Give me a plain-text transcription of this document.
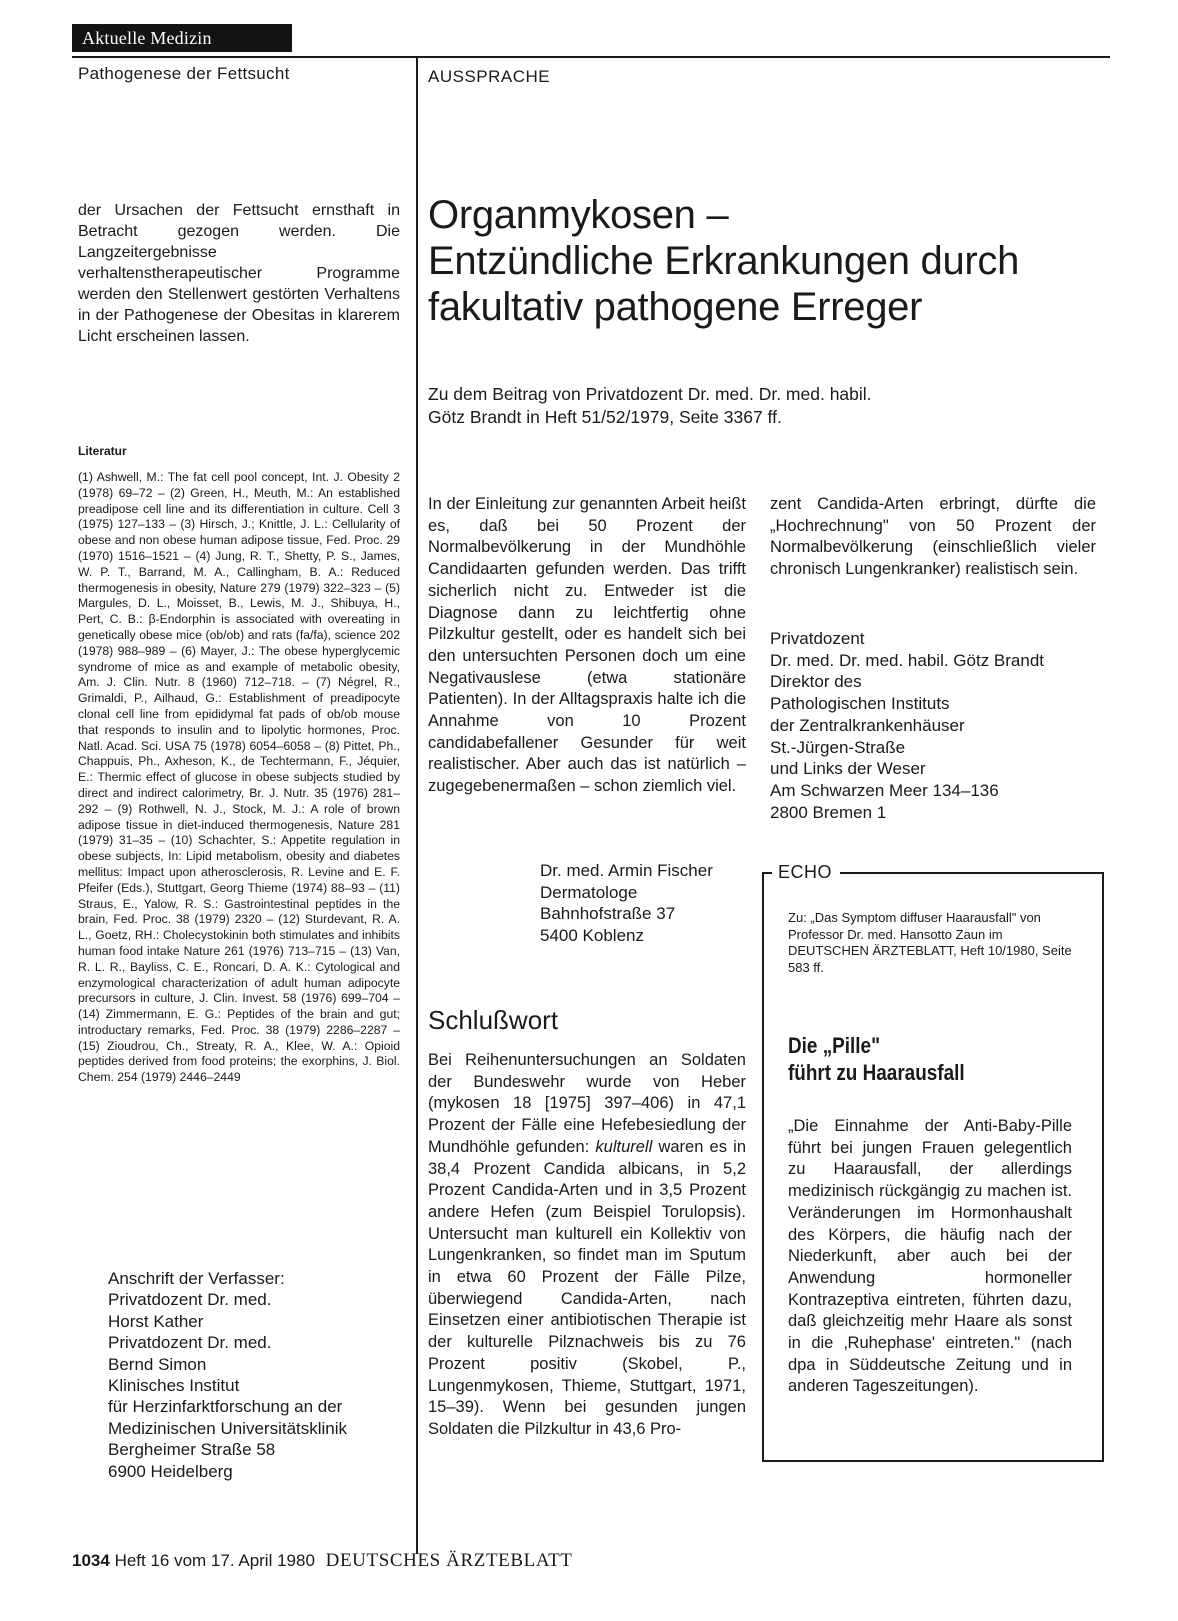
Aktuelle Medizin
Pathogenese der Fettsucht	AUSSPRACHE

der Ursachen der Fettsucht ernsthaft in Betracht gezogen werden. Die Langzeitergebnisse verhaltenstherapeutischer Programme werden den Stellenwert gestörten Verhaltens in der Pathogenese der Obesitas in klarerem Licht erscheinen lassen.

Literatur

(1) Ashwell, M.: The fat cell pool concept, Int. J. Obesity 2 (1978) 69–72 – (2) Green, H., Meuth, M.: An established preadipose cell line and its differentiation in culture. Cell 3 (1975) 127–133 – (3) Hirsch, J.; Knittle, J. L.: Cellularity of obese and non obese human adipose tissue, Fed. Proc. 29 (1970) 1516–1521 – (4) Jung, R. T., Shetty, P. S., James, W. P. T., Barrand, M. A., Callingham, B. A.: Reduced thermogenesis in obesity, Nature 279 (1979) 322–323 – (5) Margules, D. L., Moisset, B., Lewis, M. J., Shibuya, H., Pert, C. B.: β-Endorphin is associated with overeating in genetically obese mice (ob/ob) and rats (fa/fa), science 202 (1978) 988–989 – (6) Mayer, J.: The obese hyperglycemic syndrome of mice as and example of metabolic obesity, Am. J. Clin. Nutr. 8 (1960) 712–718. – (7) Négrel, R., Grimaldi, P., Ailhaud, G.: Establishment of preadipocyte clonal cell line from epididymal fat pads of ob/ob mouse that responds to insulin and to lipolytic hormones, Proc. Natl. Acad. Sci. USA 75 (1978) 6054–6058 – (8) Pittet, Ph., Chappuis, Ph., Axheson, K., de Techtermann, F., Jéquier, E.: Thermic effect of glucose in obese subjects studied by direct and indirect calorimetry, Br. J. Nutr. 35 (1976) 281–292 – (9) Rothwell, N. J., Stock, M. J.: A role of brown adipose tissue in diet-induced thermogenesis, Nature 281 (1979) 31–35 – (10) Schachter, S.: Appetite regulation in obese subjects, In: Lipid metabolism, obesity and diabetes mellitus: Impact upon atherosclerosis, R. Levine and E. F. Pfeifer (Eds.), Stuttgart, Georg Thieme (1974) 88–93 – (11) Straus, E., Yalow, R. S.: Gastrointestinal peptides in the brain, Fed. Proc. 38 (1979) 2320 – (12) Sturdevant, R. A. L., Goetz, RH.: Cholecystokinin both stimulates and inhibits human food intake Nature 261 (1976) 713–715 – (13) Van, R. L. R., Bayliss, C. E., Roncari, D. A. K.: Cytological and enzymological characterization of adult human adipocyte precursors in culture, J. Clin. Invest. 58 (1976) 699–704 – (14) Zimmermann, E. G.: Peptides of the brain and gut; introductary remarks, Fed. Proc. 38 (1979) 2286–2287 – (15) Zioudrou, Ch., Streaty, R. A., Klee, W. A.: Opioid peptides derived from food proteins; the exorphins, J. Biol. Chem. 254 (1979) 2446–2449

Anschrift der Verfasser:
Privatdozent Dr. med.
Horst Kather
Privatdozent Dr. med.
Bernd Simon
Klinisches Institut
für Herzinfarktforschung an der
Medizinischen Universitätsklinik
Bergheimer Straße 58
6900 Heidelberg
Organmykosen –
Entzündliche Erkrankungen durch
fakultativ pathogene Erreger
Zu dem Beitrag von Privatdozent Dr. med. Dr. med. habil.
Götz Brandt in Heft 51/52/1979, Seite 3367 ff.

In der Einleitung zur genannten Arbeit heißt es, daß bei 50 Prozent der Normalbevölkerung in der Mundhöhle Candidaarten gefunden werden. Das trifft sicherlich nicht zu. Entweder ist die Diagnose dann zu leichtfertig ohne Pilzkultur gestellt, oder es handelt sich bei den untersuchten Personen doch um eine Negativauslese (etwa stationäre Patienten). In der Alltagspraxis halte ich die Annahme von 10 Prozent candidabefallener Gesunder für weit realistischer. Aber auch das ist natürlich – zugegebenermaßen – schon ziemlich viel.

Dr. med. Armin Fischer
Dermatologe
Bahnhofstraße 37
5400 Koblenz
Schlußwort

Bei Reihenuntersuchungen an Soldaten der Bundeswehr wurde von Heber (mykosen 18 [1975] 397–406) in 47,1 Prozent der Fälle eine Hefebesiedlung der Mundhöhle gefunden: kulturell waren es in 38,4 Prozent Candida albicans, in 5,2 Prozent Candida-Arten und in 3,5 Prozent andere Hefen (zum Beispiel Torulopsis). Untersucht man kulturell ein Kollektiv von Lungenkranken, so findet man im Sputum in etwa 60 Prozent der Fälle Pilze, überwiegend Candida-Arten, nach Einsetzen einer antibiotischen Therapie ist der kulturelle Pilznachweis bis zu 76 Prozent positiv (Skobel, P., Lungenmykosen, Thieme, Stuttgart, 1971, 15–39). Wenn bei gesunden jungen Soldaten die Pilzkultur in 43,6 Pro-

zent Candida-Arten erbringt, dürfte die „Hochrechnung" von 50 Prozent der Normalbevölkerung (einschließlich vieler chronisch Lungenkranker) realistisch sein.

Privatdozent
Dr. med. Dr. med. habil. Götz Brandt
Direktor des
Pathologischen Instituts
der Zentralkrankenhäuser
St.-Jürgen-Straße
und Links der Weser
Am Schwarzen Meer 134–136
2800 Bremen 1
ECHO

Zu: „Das Symptom diffuser Haarausfall" von Professor Dr. med. Hansotto Zaun im DEUTSCHEN ÄRZTEBLATT, Heft 10/1980, Seite 583 ff.

Die „Pille"
führt zu Haarausfall

„Die Einnahme der Anti-Baby-Pille führt bei jungen Frauen gelegentlich zu Haarausfall, der allerdings medizinisch rückgängig zu machen ist. Veränderungen im Hormonhaushalt des Körpers, die häufig nach der Niederkunft, aber auch bei der Anwendung hormoneller Kontrazeptiva eintreten, führten dazu, daß gleichzeitig mehr Haare als sonst in die ‚Ruhephase' eintreten." (nach dpa in Süddeutsche Zeitung und in anderen Tageszeitungen).

1034 Heft 16 vom 17. April 1980 DEUTSCHES ÄRZTEBLATT
